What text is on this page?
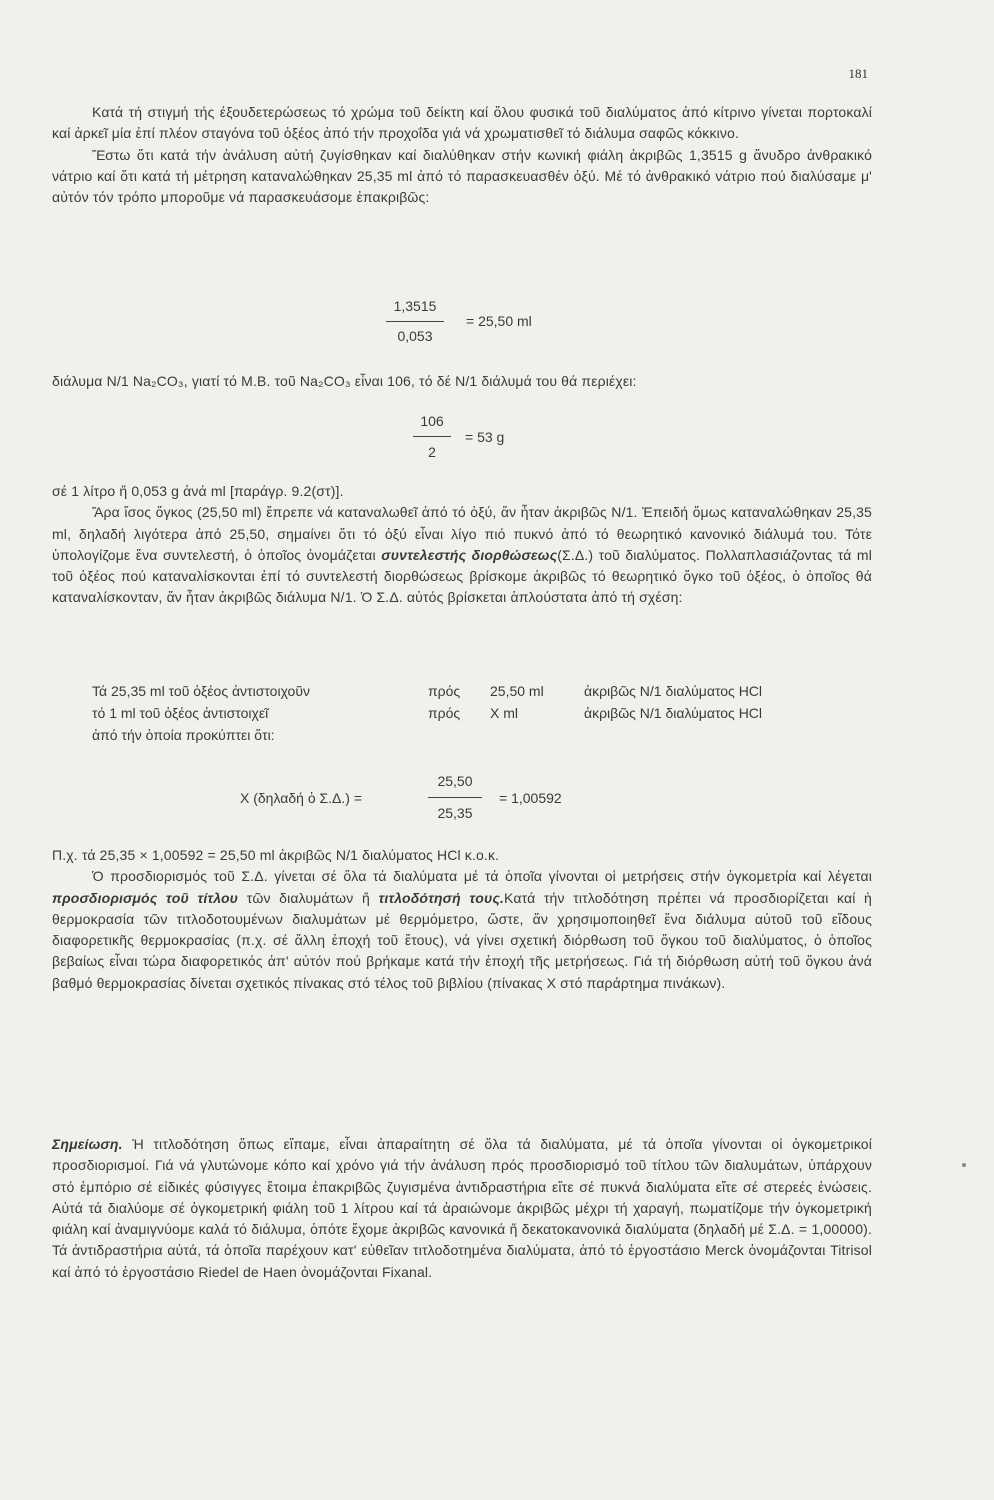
181

Κατά τή στιγμή τής έξουδετερώσεως τό χρώμα τοῦ δείκτη καί ὅλου φυσικά τοῦ διαλύματος ἀπό κίτρινο γίνεται πορτοκαλί καί ἀρκεῖ μία ἐπί πλέον σταγόνα τοῦ ὀξέος ἀπό τήν προχοΐδα γιά νά χρωματισθεῖ τό διάλυμα σαφῶς κόκκινο.

Ἔστω ὅτι κατά τήν ἀνάλυση αὐτή ζυγίσθηκαν καί διαλύθηκαν στήν κωνική φιάλη ἀκριβῶς 1,3515 g ἄνυδρο ἀνθρακικό νάτριο καί ὅτι κατά τή μέτρηση καταναλώθηκαν 25,35 ml ἀπό τό παρασκευασθέν ὀξύ. Μέ τό ἀνθρακικό νάτριο πού διαλύσαμε μ' αὐτόν τόν τρόπο μποροῦμε νά παρασκευάσομε ἐπακριβῶς:

1,3515
0,053
= 25,50 ml

διάλυμα N/1 Na₂CO₃, γιατί τό M.B. τοῦ Na₂CO₃ εἶναι 106, τό δέ N/1 διάλυμά του θά περιέχει:

106
2
= 53 g

σέ 1 λίτρο ἤ 0,053 g ἀνά ml [παράγρ. 9.2(στ)].

Ἄρα ἴσος ὄγκος (25,50 ml) ἔπρεπε νά καταναλωθεῖ ἀπό τό ὀξύ, ἄν ἦταν ἀκριβῶς N/1. Ἐπειδή ὅμως καταναλώθηκαν 25,35 ml, δηλαδή λιγότερα ἀπό 25,50, σημαίνει ὅτι τό ὀξύ εἶναι λίγο πιό πυκνό ἀπό τό θεωρητικό κανονικό διάλυμά του. Τότε ὑπολογίζομε ἕνα συντελεστή, ὁ ὁποῖος ὀνομάζεται συντελεστής διορθώσεως(Σ.Δ.) τοῦ διαλύματος. Πολλαπλασιάζοντας τά ml τοῦ ὀξέος πού καταναλίσκονται ἐπί τό συντελεστή διορθώσεως βρίσκομε ἀκριβῶς τό θεωρητικό ὄγκο τοῦ ὀξέος, ὁ ὁποῖος θά καταναλίσκονταν, ἄν ἦταν ἀκριβῶς διάλυμα N/1. Ὁ Σ.Δ. αὐτός βρίσκεται ἁπλούστατα ἀπό τή σχέση:

Τά 25,35 ml τοῦ ὀξέος ἀντιστοιχοῦν	πρός 25,50 ml	ἀκριβῶς N/1 διαλύματος HCl
τό 1 ml τοῦ ὀξέος ἀντιστοιχεῖ	πρός X ml	ἀκριβῶς N/1 διαλύματος HCl
ἀπό τήν ὁποία προκύπτει ὅτι:
X (δηλαδή ὁ Σ.Δ.) =
25,50
25,35
= 1,00592

Π.χ. τά 25,35 × 1,00592 = 25,50 ml ἀκριβῶς N/1 διαλύματος HCl κ.ο.κ.

Ὁ προσδιορισμός τοῦ Σ.Δ. γίνεται σέ ὅλα τά διαλύματα μέ τά ὁποῖα γίνονται οἱ μετρήσεις στήν ὀγκομετρία καί λέγεται προσδιορισμός τοῦ τίτλου τῶν διαλυμάτων ἤ τιτλοδότησή τους.Κατά τήν τιτλοδότηση πρέπει νά προσδιορίζεται καί ἡ θερμοκρασία τῶν τιτλοδοτουμένων διαλυμάτων μέ θερμόμετρο, ὥστε, ἄν χρησιμοποιηθεῖ ἕνα διάλυμα αὐτοῦ τοῦ εἴδους διαφορετικῆς θερμοκρασίας (π.χ. σέ ἄλλη ἐποχή τοῦ ἔτους), νά γίνει σχετική διόρθωση τοῦ ὄγκου τοῦ διαλύματος, ὁ ὁποῖος βεβαίως εἶναι τώρα διαφορετικός ἀπ' αὐτόν πού βρήκαμε κατά τήν ἐποχή τῆς μετρήσεως. Γιά τή διόρθωση αὐτή τοῦ ὄγκου ἀνά βαθμό θερμοκρασίας δίνεται σχετικός πίνακας στό τέλος τοῦ βιβλίου (πίνακας X στό παράρτημα πινάκων).

Σημείωση. Ἡ τιτλοδότηση ὅπως εἴπαμε, εἶναι ἀπαραίτητη σέ ὅλα τά διαλύματα, μέ τά ὁποῖα γίνονται οἱ ὀγκομετρικοί προσδιορισμοί. Γιά νά γλυτώνομε κόπο καί χρόνο γιά τήν ἀνάλυση πρός προσδιορισμό τοῦ τίτλου τῶν διαλυμάτων, ὑπάρχουν στό ἐμπόριο σέ εἰδικές φύσιγγες ἕτοιμα ἐπακριβῶς ζυγισμένα ἀντιδραστήρια εἴτε σέ πυκνά διαλύματα εἴτε σέ στερεές ἑνώσεις. Αὐτά τά διαλύομε σέ ὀγκομετρική φιάλη τοῦ 1 λίτρου καί τά ἀραιώνομε ἀκριβῶς μέχρι τή χαραγή, πωματίζομε τήν ὀγκομετρική φιάλη καί ἀναμιγνύομε καλά τό διάλυμα, ὁπότε ἔχομε ἀκριβῶς κανονικά ἤ δεκατοκανονικά διαλύματα (δηλαδή μέ Σ.Δ. = 1,00000). Τά ἀντιδραστήρια αὐτά, τά ὁποῖα παρέχουν κατ' εὐθεῖαν τιτλοδοτημένα διαλύματα, ἀπό τό ἐργοστάσιο Merck ὀνομάζονται Titrisol καί ἀπό τό ἐργοστάσιο Riedel de Haen ὀνομάζονται Fixanal.
